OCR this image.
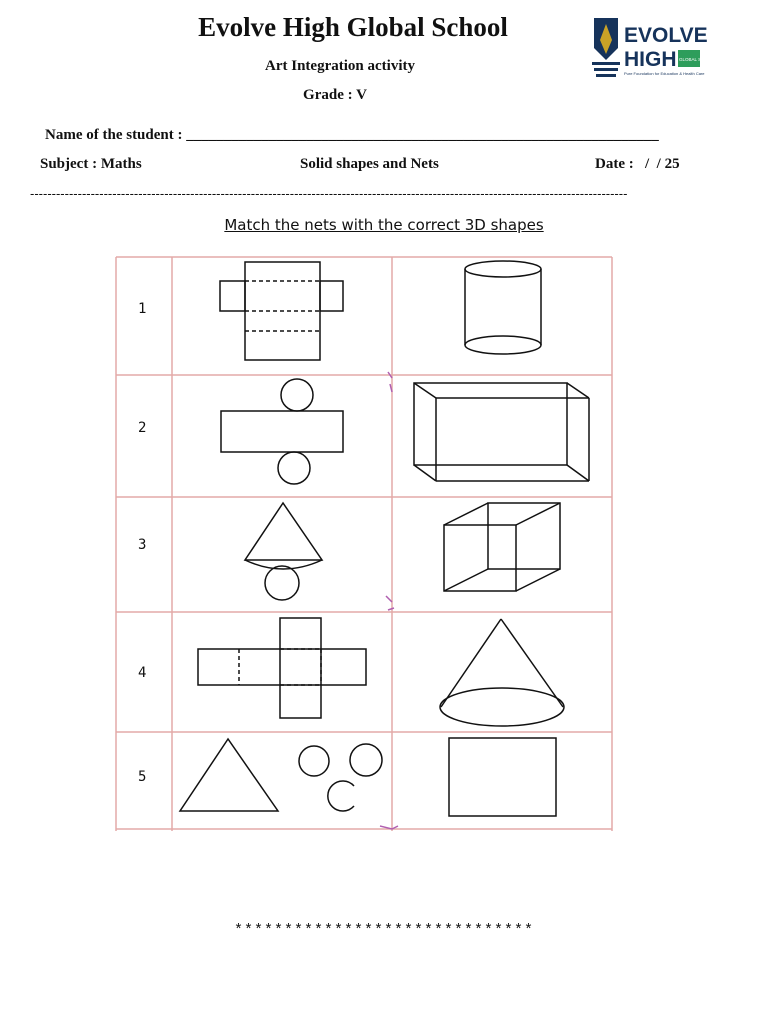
Evolve High Global School
Art Integration activity
Grade : V
EVOLVE
HIGH GLOBAL SCHOOL
Pure Foundation for Education & Health Care
Name of the student : _______________________________________________________________
Subject : Maths	Solid shapes and Nets	Date :   /  / 25
------------------------------------------------------------------------------------------------------------------------------------------
Match the nets with the correct 3D shapes
1
2
3
4
5
******************************
